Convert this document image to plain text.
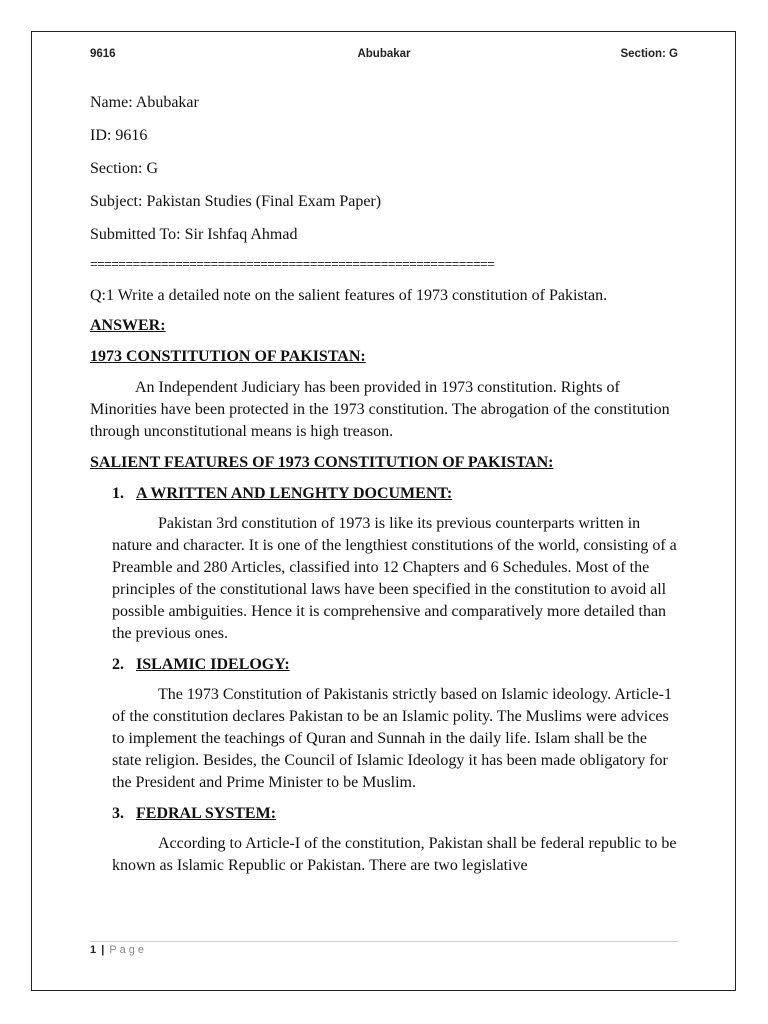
9616	Abubakar	Section: G
Name: Abubakar
ID: 9616
Section: G
Subject: Pakistan Studies (Final Exam Paper)
Submitted To: Sir Ishfaq Ahmad
=========================================================
Q:1 Write a detailed note on the salient features of 1973 constitution of Pakistan.
ANSWER:
1973 CONSTITUTION OF PAKISTAN:
An Independent Judiciary has been provided in 1973 constitution. Rights of Minorities have been protected in the 1973 constitution. The abrogation of the constitution through unconstitutional means is high treason.
SALIENT FEATURES OF 1973 CONSTITUTION OF PAKISTAN:
1. A WRITTEN AND LENGHTY DOCUMENT:
Pakistan 3rd constitution of 1973 is like its previous counterparts written in nature and character. It is one of the lengthiest constitutions of the world, consisting of a Preamble and 280 Articles, classified into 12 Chapters and 6 Schedules. Most of the principles of the constitutional laws have been specified in the constitution to avoid all possible ambiguities. Hence it is comprehensive and comparatively more detailed than the previous ones.
2. ISLAMIC IDELOGY:
The 1973 Constitution of Pakistanis strictly based on Islamic ideology. Article-1 of the constitution declares Pakistan to be an Islamic polity. The Muslims were advices to implement the teachings of Quran and Sunnah in the daily life. Islam shall be the state religion. Besides, the Council of Islamic Ideology it has been made obligatory for the President and Prime Minister to be Muslim.
3. FEDRAL SYSTEM:
According to Article-I of the constitution, Pakistan shall be federal republic to be known as Islamic Republic or Pakistan. There are two legislative
1 | Page
